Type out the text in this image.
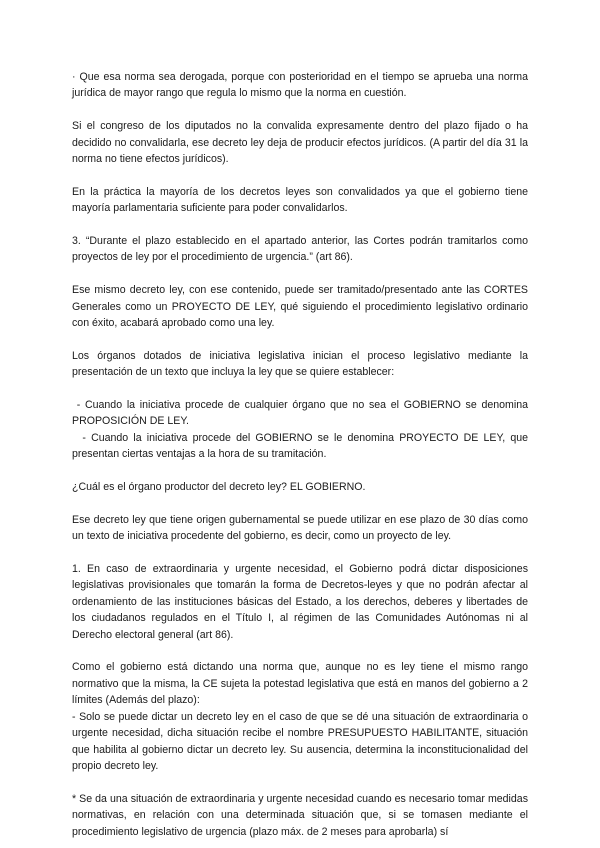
· Que esa norma sea derogada, porque con posterioridad en el tiempo se aprueba una norma jurídica de mayor rango que regula lo mismo que la norma en cuestión.

Si el congreso de los diputados no la convalida expresamente dentro del plazo fijado o ha decidido no convalidarla, ese decreto ley deja de producir efectos jurídicos. (A partir del día 31 la norma no tiene efectos jurídicos).

En la práctica la mayoría de los decretos leyes son convalidados ya que el gobierno tiene mayoría parlamentaria suficiente para poder convalidarlos.

3. “Durante el plazo establecido en el apartado anterior, las Cortes podrán tramitarlos como proyectos de ley por el procedimiento de urgencia.” (art 86).

Ese mismo decreto ley, con ese contenido, puede ser tramitado/presentado ante las CORTES Generales como un PROYECTO DE LEY, qué siguiendo el procedimiento legislativo ordinario con éxito, acabará aprobado como una ley.

Los órganos dotados de iniciativa legislativa inician el proceso legislativo mediante la presentación de un texto que incluya la ley que se quiere establecer:

- Cuando la iniciativa procede de cualquier órgano que no sea el GOBIERNO se denomina PROPOSICIÓN DE LEY.

- Cuando la iniciativa procede del GOBIERNO se le denomina PROYECTO DE LEY, que presentan ciertas ventajas a la hora de su tramitación.

¿Cuál es el órgano productor del decreto ley? EL GOBIERNO.

Ese decreto ley que tiene origen gubernamental se puede utilizar en ese plazo de 30 días como un texto de iniciativa procedente del gobierno, es decir, como un proyecto de ley.

1. En caso de extraordinaria y urgente necesidad, el Gobierno podrá dictar disposiciones legislativas provisionales que tomarán la forma de Decretos-leyes y que no podrán afectar al ordenamiento de las instituciones básicas del Estado, a los derechos, deberes y libertades de los ciudadanos regulados en el Título I, al régimen de las Comunidades Autónomas ni al Derecho electoral general (art 86).

Como el gobierno está dictando una norma que, aunque no es ley tiene el mismo rango normativo que la misma, la CE sujeta la potestad legislativa que está en manos del gobierno a 2 límites (Además del plazo):

- Solo se puede dictar un decreto ley en el caso de que se dé una situación de extraordinaria o urgente necesidad, dicha situación recibe el nombre PRESUPUESTO HABILITANTE, situación que habilita al gobierno dictar un decreto ley. Su ausencia, determina la inconstitucionalidad del propio decreto ley.

* Se da una situación de extraordinaria y urgente necesidad cuando es necesario tomar medidas normativas, en relación con una determinada situación que, si se tomasen mediante el procedimiento legislativo de urgencia (plazo máx. de 2 meses para aprobarla) sí
